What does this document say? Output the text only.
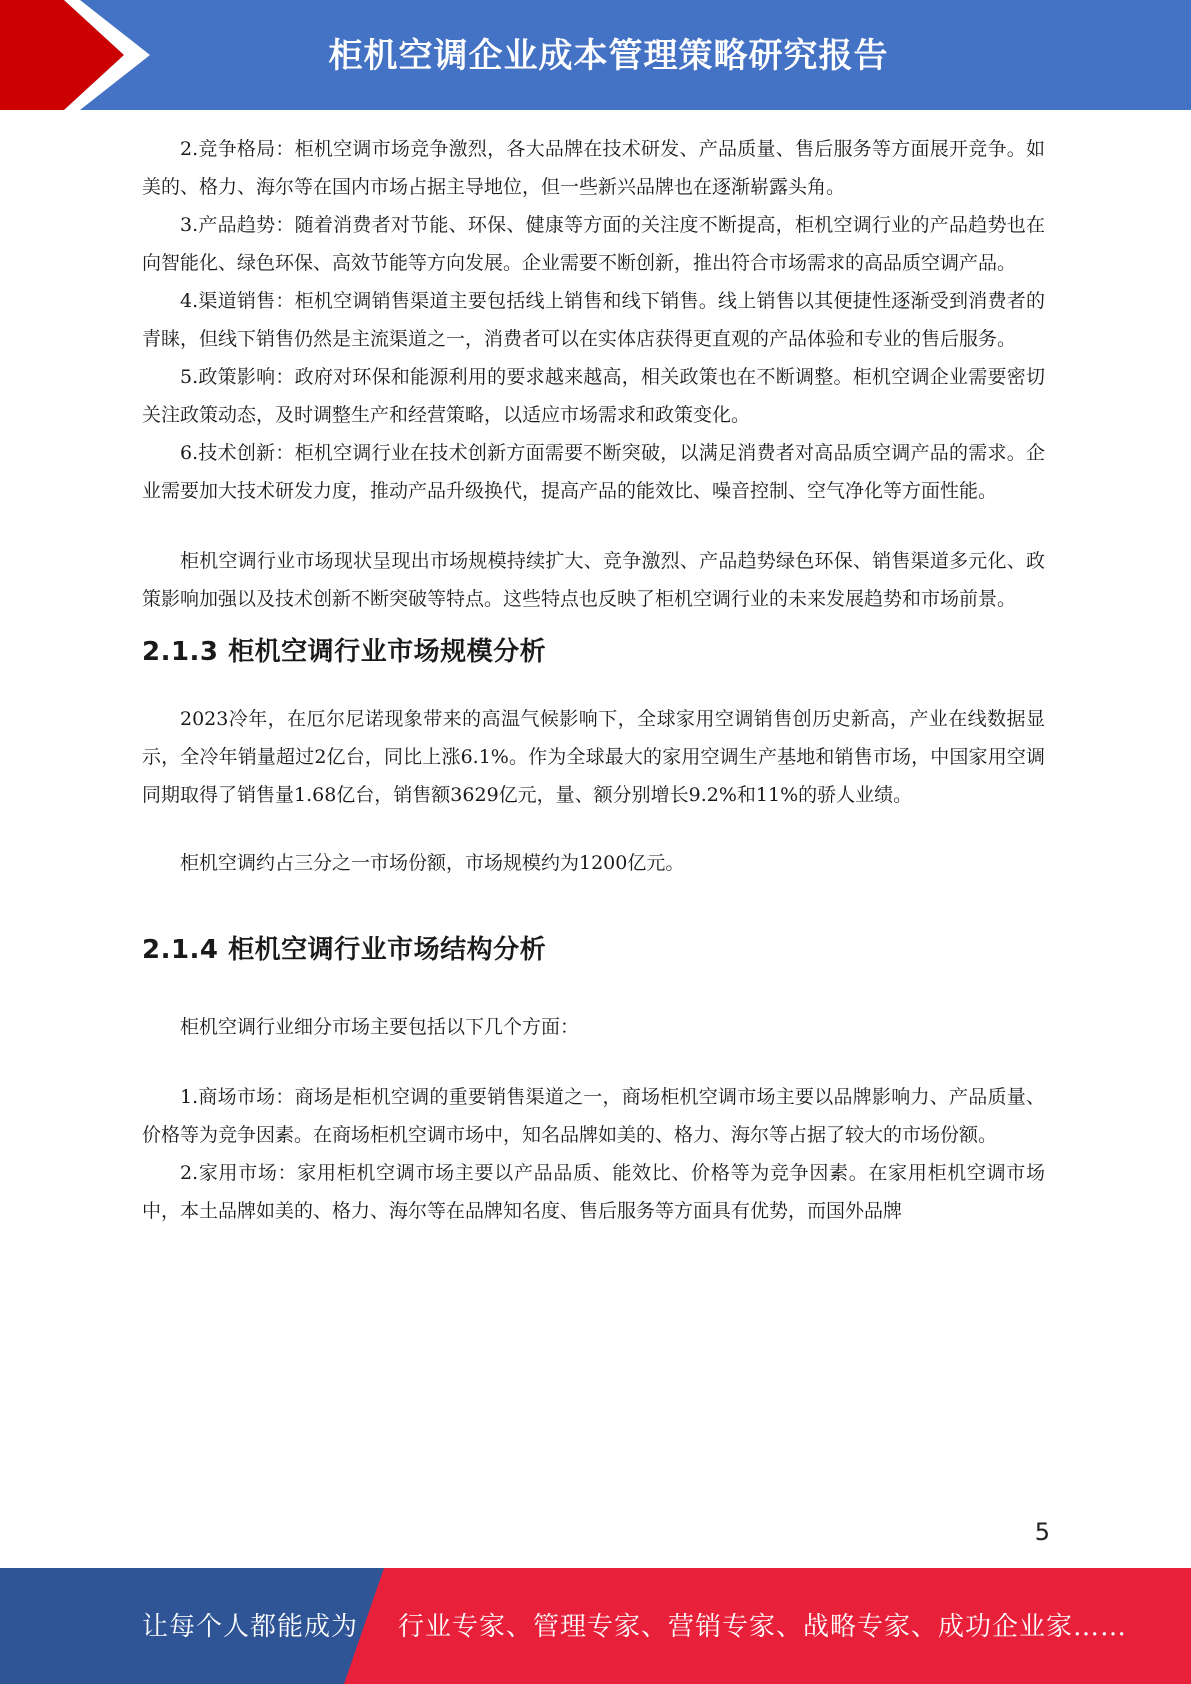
柜机空调企业成本管理策略研究报告

2.竞争格局：柜机空调市场竞争激烈，各大品牌在技术研发、产品质量、售后服务等方面展开竞争。如美的、格力、海尔等在国内市场占据主导地位，但一些新兴品牌也在逐渐崭露头角。

3.产品趋势：随着消费者对节能、环保、健康等方面的关注度不断提高，柜机空调行业的产品趋势也在向智能化、绿色环保、高效节能等方向发展。企业需要不断创新，推出符合市场需求的高品质空调产品。

4.渠道销售：柜机空调销售渠道主要包括线上销售和线下销售。线上销售以其便捷性逐渐受到消费者的青睐，但线下销售仍然是主流渠道之一，消费者可以在实体店获得更直观的产品体验和专业的售后服务。

5.政策影响：政府对环保和能源利用的要求越来越高，相关政策也在不断调整。柜机空调企业需要密切关注政策动态，及时调整生产和经营策略，以适应市场需求和政策变化。

6.技术创新：柜机空调行业在技术创新方面需要不断突破，以满足消费者对高品质空调产品的需求。企业需要加大技术研发力度，推动产品升级换代，提高产品的能效比、噪音控制、空气净化等方面性能。

柜机空调行业市场现状呈现出市场规模持续扩大、竞争激烈、产品趋势绿色环保、销售渠道多元化、政策影响加强以及技术创新不断突破等特点。这些特点也反映了柜机空调行业的未来发展趋势和市场前景。

2.1.3 柜机空调行业市场规模分析

2023冷年，在厄尔尼诺现象带来的高温气候影响下，全球家用空调销售创历史新高，产业在线数据显示，全冷年销量超过2亿台，同比上涨6.1%。作为全球最大的家用空调生产基地和销售市场，中国家用空调同期取得了销售量1.68亿台，销售额3629亿元，量、额分别增长9.2%和11%的骄人业绩。

柜机空调约占三分之一市场份额，市场规模约为1200亿元。

2.1.4 柜机空调行业市场结构分析

柜机空调行业细分市场主要包括以下几个方面：

1.商场市场：商场是柜机空调的重要销售渠道之一，商场柜机空调市场主要以品牌影响力、产品质量、价格等为竞争因素。在商场柜机空调市场中，知名品牌如美的、格力、海尔等占据了较大的市场份额。

2.家用市场：家用柜机空调市场主要以产品品质、能效比、价格等为竞争因素。在家用柜机空调市场中，本土品牌如美的、格力、海尔等在品牌知名度、售后服务等方面具有优势，而国外品牌

5
让每个人都能成为 行业专家、管理专家、营销专家、战略专家、成功企业家……
